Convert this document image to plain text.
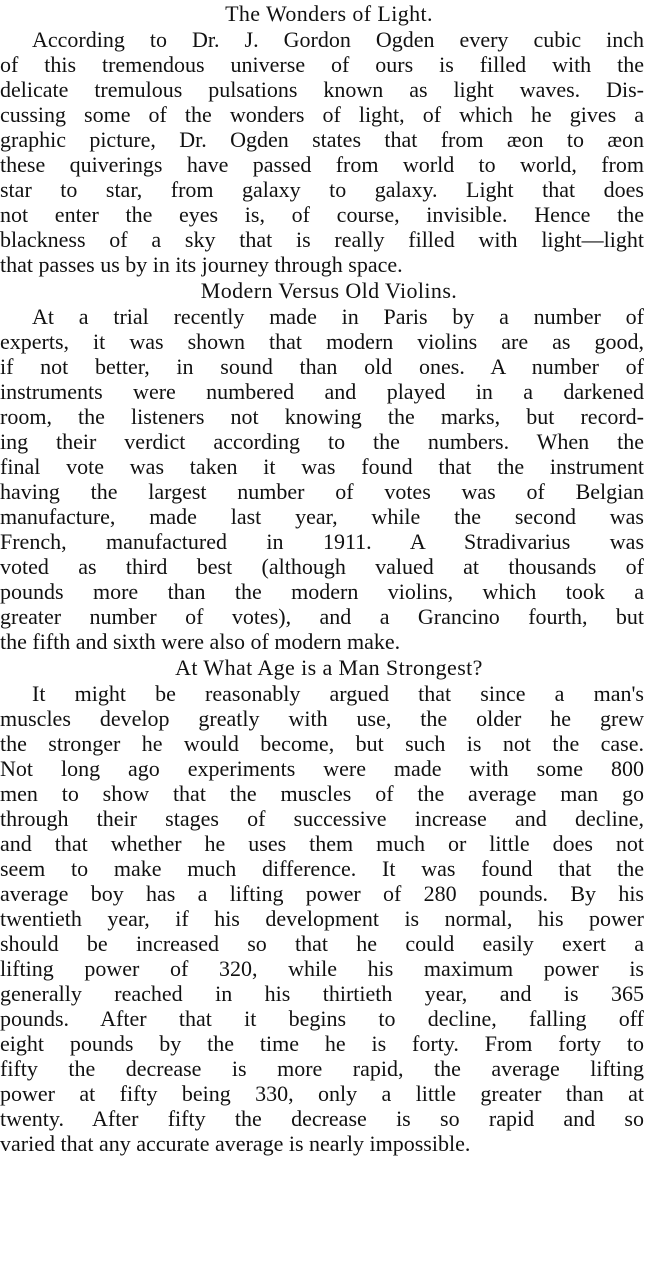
The Wonders of Light.
According to Dr. J. Gordon Ogden every cubic inch
of this tremendous universe of ours is filled with the
delicate tremulous pulsations known as light waves. Dis-
cussing some of the wonders of light, of which he gives a
graphic picture, Dr. Ogden states that from æon to æon
these quiverings have passed from world to world, from
star to star, from galaxy to galaxy. Light that does
not enter the eyes is, of course, invisible. Hence the
blackness of a sky that is really filled with light—light
that passes us by in its journey through space.
Modern Versus Old Violins.
At a trial recently made in Paris by a number of
experts, it was shown that modern violins are as good,
if not better, in sound than old ones. A number of
instruments were numbered and played in a darkened
room, the listeners not knowing the marks, but record-
ing their verdict according to the numbers. When the
final vote was taken it was found that the instrument
having the largest number of votes was of Belgian
manufacture, made last year, while the second was
French, manufactured in 1911. A Stradivarius was
voted as third best (although valued at thousands of
pounds more than the modern violins, which took a
greater number of votes), and a Grancino fourth, but
the fifth and sixth were also of modern make.
At What Age is a Man Strongest?
It might be reasonably argued that since a man's
muscles develop greatly with use, the older he grew
the stronger he would become, but such is not the case.
Not long ago experiments were made with some 800
men to show that the muscles of the average man go
through their stages of successive increase and decline,
and that whether he uses them much or little does not
seem to make much difference. It was found that the
average boy has a lifting power of 280 pounds. By his
twentieth year, if his development is normal, his power
should be increased so that he could easily exert a
lifting power of 320, while his maximum power is
generally reached in his thirtieth year, and is 365
pounds. After that it begins to decline, falling off
eight pounds by the time he is forty. From forty to
fifty the decrease is more rapid, the average lifting
power at fifty being 330, only a little greater than at
twenty. After fifty the decrease is so rapid and so
varied that any accurate average is nearly impossible.
